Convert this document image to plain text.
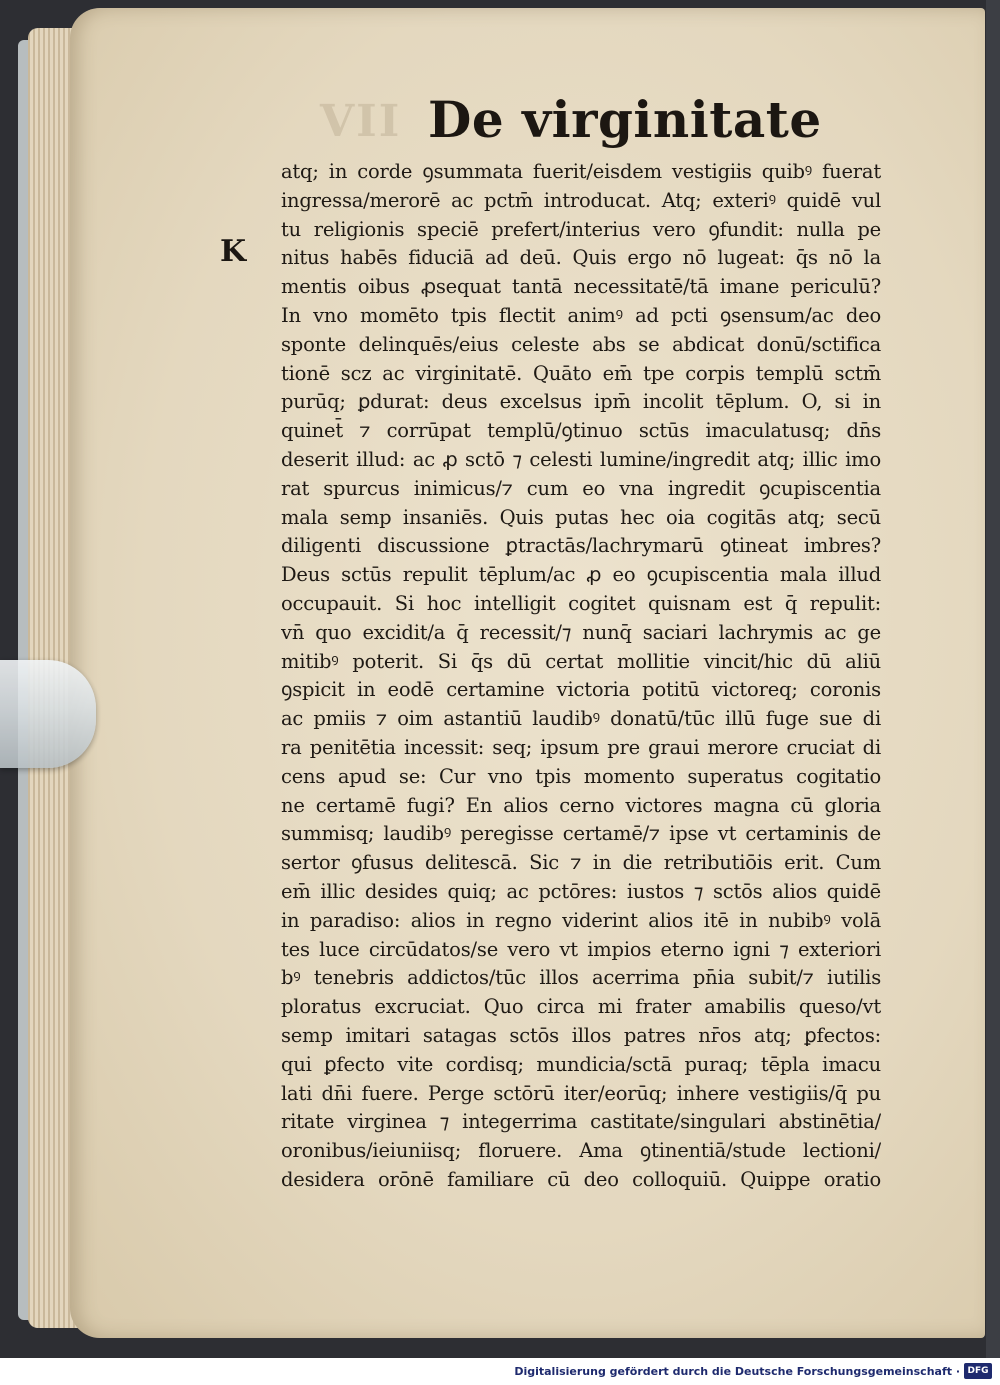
VII De virginitate
K
atq; in corde ꝯsummata fuerit/eisdem vestigiis quibꝰ fuerat
ingressa/merorē ac pctm̄ introducat. Atq; exteriꝰ quidē vul
tu religionis speciē prefert/interius vero ꝯfundit: nulla pe
nitus habēs fiduciā ad deū. Quis ergo nō lugeat: q̄s nō la
mentis oibus ꝓsequat tantā necessitatē/tā imane periculū?
In vno momēto tpis flectit animꝰ ad pcti ꝯsensum/ac deo
sponte delinquēs/eius celeste abs se abdicat donū/sctifica
tionē scz ac virginitatē. Quāto em̄ tpe corpis templū sctm̄
purūq; ꝑdurat: deus excelsus ipm̄ incolit tēplum. O, si in
quinet̄ ⁊ corrūpat templū/ꝯtinuo sctūs imaculatusq; dn̄s
deserit illud: ac ꝓ sctō ⁊ celesti lumine/ingredit atq; illic imo
rat spurcus inimicus/⁊ cum eo vna ingredit ꝯcupiscentia
mala semp insaniēs. Quis putas hec oia cogitās atq; secū
diligenti discussione ꝑtractās/lachrymarū ꝯtineat imbres?
Deus sctūs repulit tēplum/ac ꝓ eo ꝯcupiscentia mala illud
occupauit. Si hoc intelligit cogitet quisnam est q̄ repulit:
vn̄ quo excidit/a q̄ recessit/⁊ nunq̄ saciari lachrymis ac ge
mitibꝰ poterit. Si q̄s dū certat mollitie vincit/hic dū aliū
ꝯspicit in eodē certamine victoria potitū victoreq; coronis
ac pmiis ⁊ oim astantiū laudibꝰ donatū/tūc illū fuge sue di
ra penitētia incessit: seq; ipsum pre graui merore cruciat di
cens apud se: Cur vno tpis momento superatus cogitatio
ne certamē fugi? En alios cerno victores magna cū gloria
summisq; laudibꝰ peregisse certamē/⁊ ipse vt certaminis de
sertor ꝯfusus delitescā. Sic ⁊ in die retributiōis erit. Cum
em̄ illic desides quiq; ac pctōres: iustos ⁊ sctōs alios quidē
in paradiso: alios in regno viderint alios itē in nubibꝰ volā
tes luce circūdatos/se vero vt impios eterno igni ⁊ exteriori
bꝰ tenebris addictos/tūc illos acerrima pn̄ia subit/⁊ iutilis
ploratus excruciat. Quo circa mi frater amabilis queso/vt
semp imitari satagas sctōs illos patres nr̄os atq; ꝑfectos:
qui ꝑfecto vite cordisq; mundicia/sctā puraq; tēpla imacu
lati dn̄i fuere. Perge sctōrū iter/eorūq; inhere vestigiis/q̄ pu
ritate virginea ⁊ integerrima castitate/singulari abstinētia/
oronibus/ieiuniisq; floruere. Ama ꝯtinentiā/stude lectioni/
desidera orōnē familiare cū deo colloquiū. Quippe oratio
Digitalisierung gefördert durch die Deutsche Forschungsgemeinschaft · DFG
